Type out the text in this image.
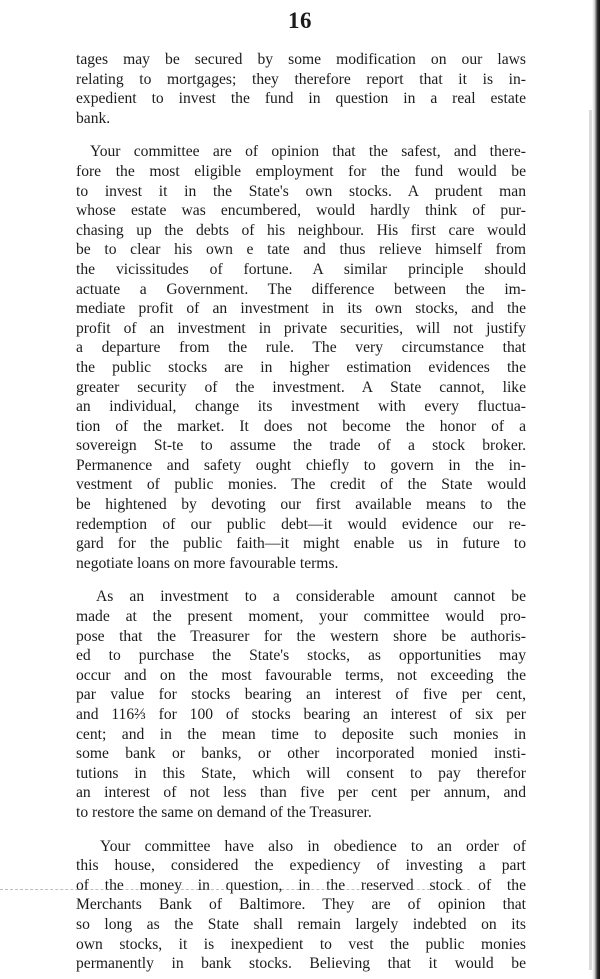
16
tages may be secured by some modification on our laws
relating to mortgages; they therefore report that it is in-
expedient to invest the fund in question in a real estate
bank.
Your committee are of opinion that the safest, and there-
fore the most eligible employment for the fund would be
to invest it in the State's own stocks. A prudent man
whose estate was encumbered, would hardly think of pur-
chasing up the debts of his neighbour. His first care would
be to clear his own e tate and thus relieve himself from
the vicissitudes of fortune. A similar principle should
actuate a Government. The difference between the im-
mediate profit of an investment in its own stocks, and the
profit of an investment in private securities, will not justify
a departure from the rule. The very circumstance that
the public stocks are in higher estimation evidences the
greater security of the investment. A State cannot, like
an individual, change its investment with every fluctua-
tion of the market. It does not become the honor of a
sovereign St-te to assume the trade of a stock broker.
Permanence and safety ought chiefly to govern in the in-
vestment of public monies. The credit of the State would
be hightened by devoting our first available means to the
redemption of our public debt—it would evidence our re-
gard for the public faith—it might enable us in future to
negotiate loans on more favourable terms.
As an investment to a considerable amount cannot be
made at the present moment, your committee would pro-
pose that the Treasurer for the western shore be authoris-
ed to purchase the State's stocks, as opportunities may
occur and on the most favourable terms, not exceeding the
par value for stocks bearing an interest of five per cent,
and 116⅔ for 100 of stocks bearing an interest of six per
cent; and in the mean time to deposite such monies in
some bank or banks, or other incorporated monied insti-
tutions in this State, which will consent to pay therefor
an interest of not less than five per cent per annum, and
to restore the same on demand of the Treasurer.
Your committee have also in obedience to an order of
this house, considered the expediency of investing a part
of the money in question, in the reserved stock of the
Merchants Bank of Baltimore. They are of opinion that
so long as the State shall remain largely indebted on its
own stocks, it is inexpedient to vest the public monies
permanently in bank stocks. Believing that it would be
